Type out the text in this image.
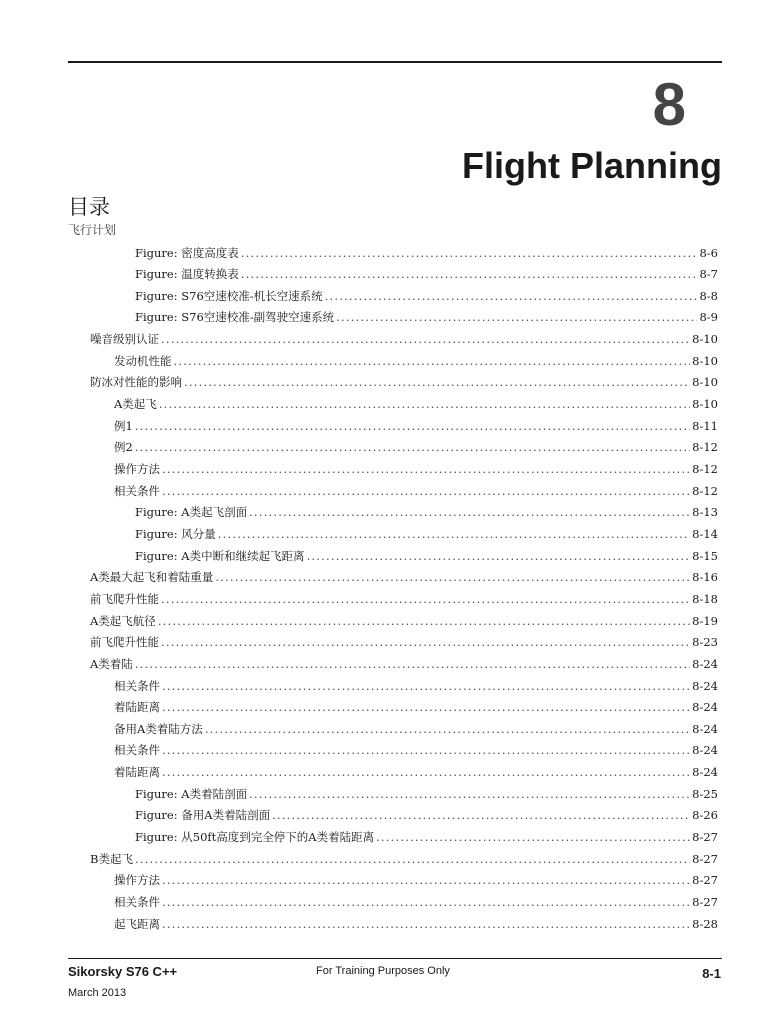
8
Flight Planning
目录
飞行计划
Figure: 密度高度表 .....	8-6
Figure: 温度转换表 .....	8-7
Figure: S76空速校准-机长空速系统 .....	8-8
Figure: S76空速校准-副驾驶空速系统 .....	8-9
噪音级别认证 .....	8-10
发动机性能 .....	8-10
防冰对性能的影响 .....	8-10
A类起飞 .....	8-10
例1 .....	8-11
例2 .....	8-12
操作方法 .....	8-12
相关条件 .....	8-12
Figure: A类起飞剖面 .....	8-13
Figure: 风分量 .....	8-14
Figure: A类中断和继续起飞距离 .....	8-15
A类最大起飞和着陆重量 .....	8-16
前飞爬升性能 .....	8-18
A类起飞航径 .....	8-19
前飞爬升性能 .....	8-23
A类着陆 .....	8-24
相关条件 .....	8-24
着陆距离 .....	8-24
备用A类着陆方法 .....	8-24
相关条件 .....	8-24
着陆距离 .....	8-24
Figure: A类着陆剖面 .....	8-25
Figure: 备用A类着陆剖面 .....	8-26
Figure: 从50ft高度到完全停下的A类着陆距离 .....	8-27
B类起飞 .....	8-27
操作方法 .....	8-27
相关条件 .....	8-27
起飞距离 .....	8-28
Sikorsky S76 C++	For Training Purposes Only	8-1
March 2013
